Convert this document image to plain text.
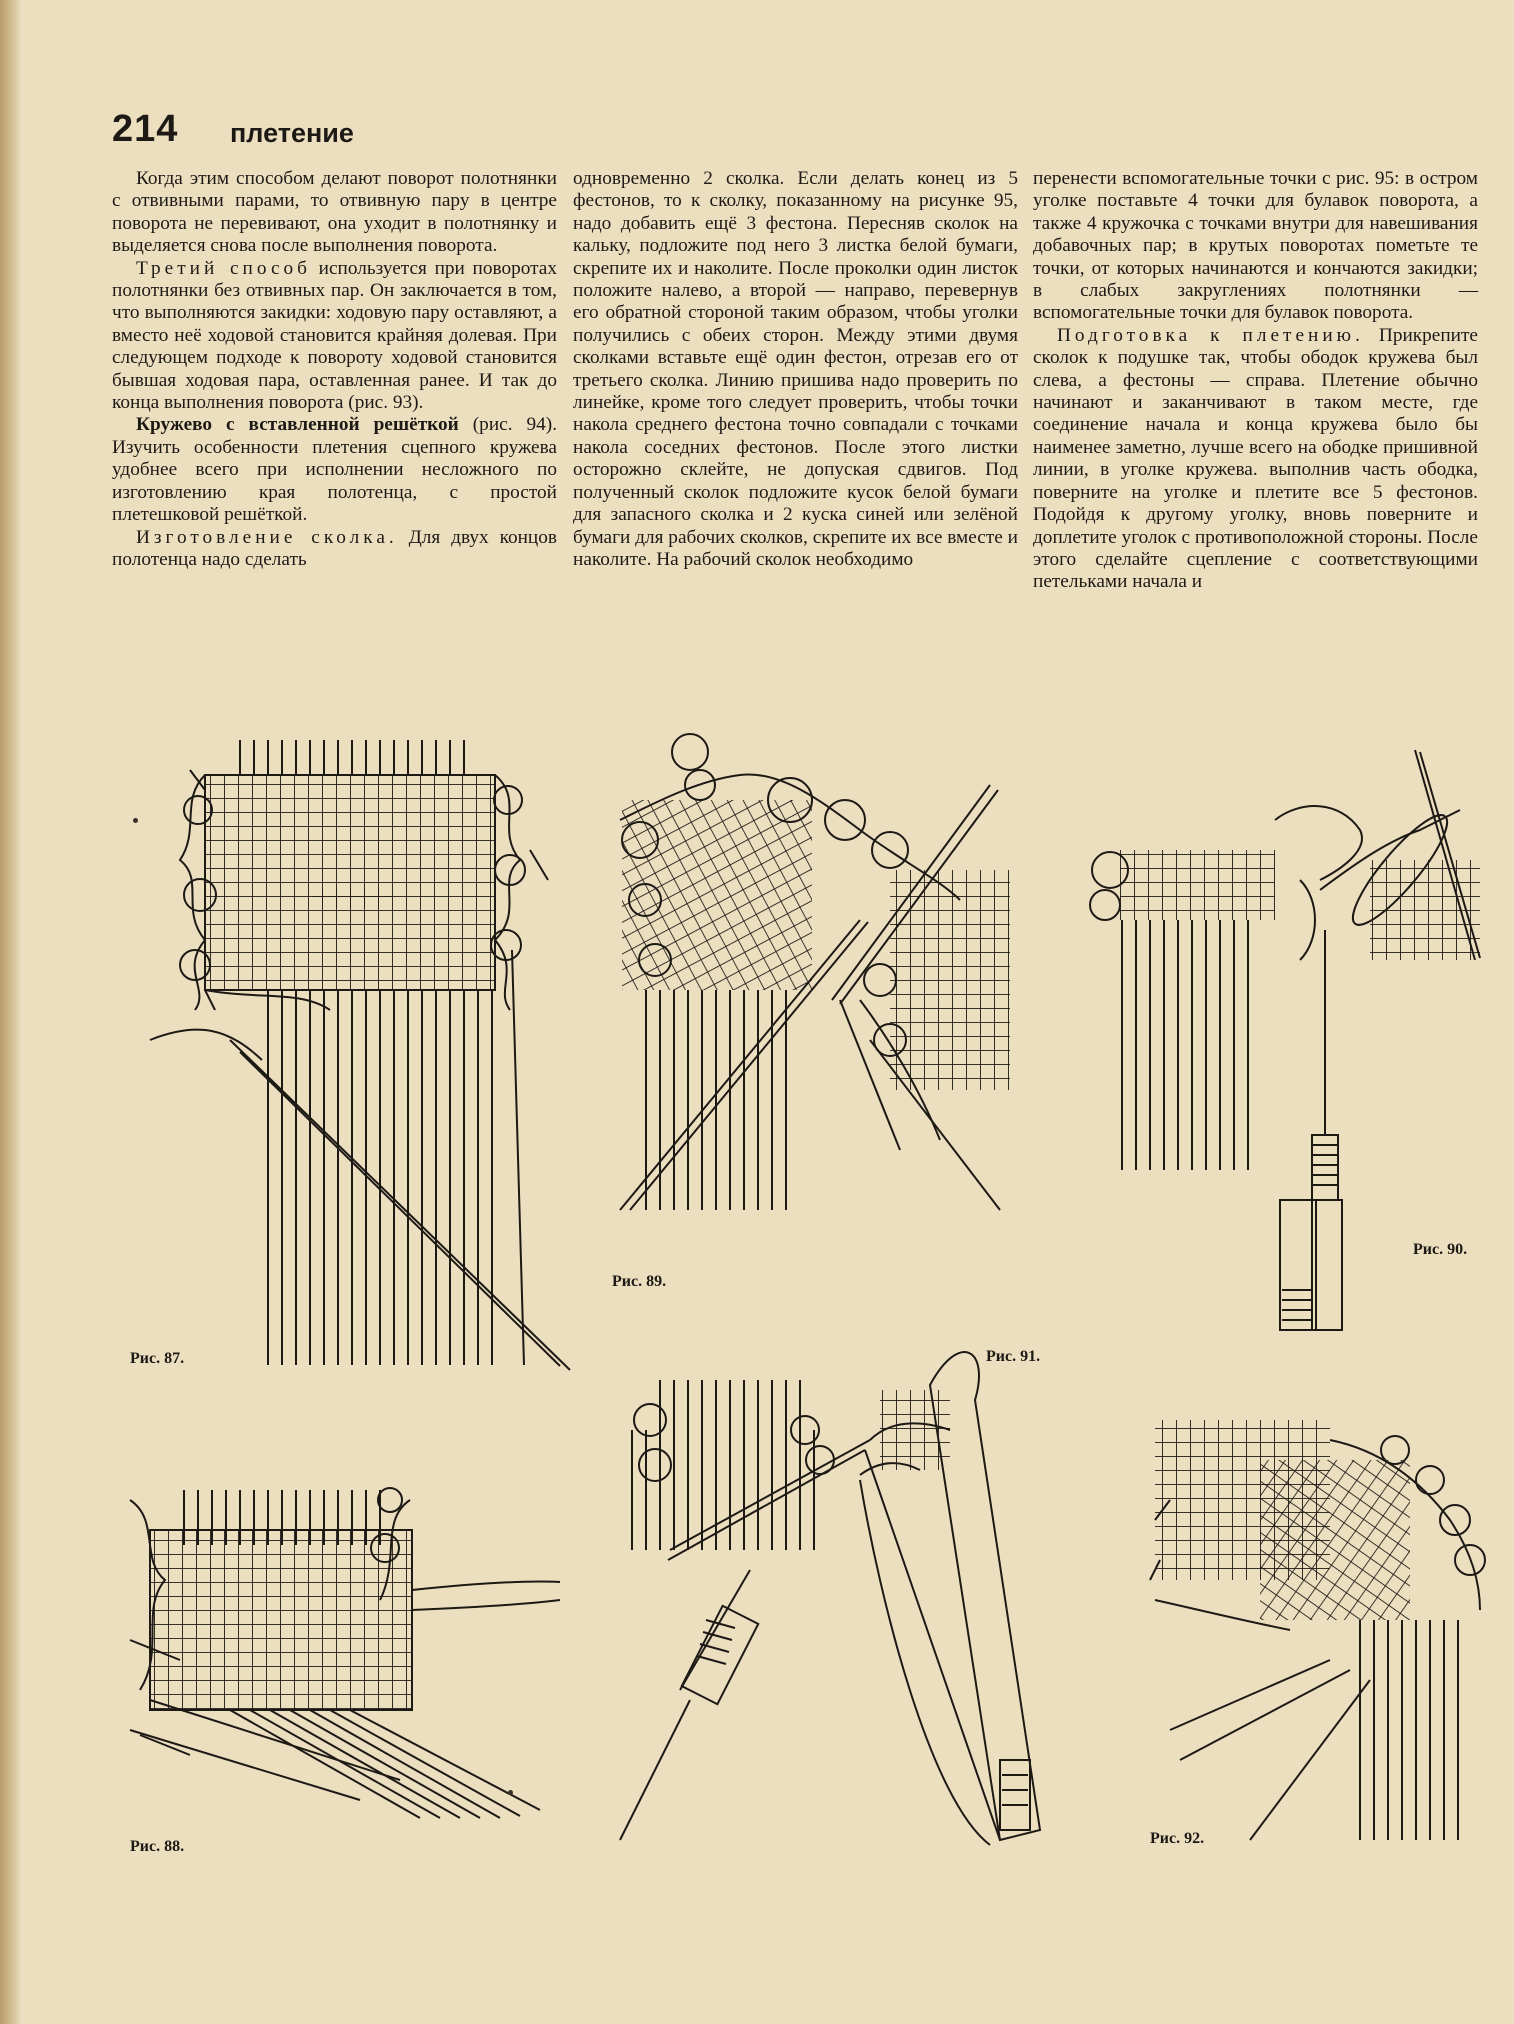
214 плетение

Когда этим способом делают поворот полотнянки с отвивными парами, то отвивную пару в центре поворота не перевивают, она уходит в полотнянку и выделяется снова после выполнения поворота.

Третий способ используется при поворотах полотнянки без отвивных пар. Он заключается в том, что выполняются закидки: ходовую пару оставляют, а вместо неё ходовой становится крайняя долевая. При следующем подходе к повороту ходовой становится бывшая ходовая пара, оставленная ранее. И так до конца выполнения поворота (рис. 93).

Кружево с вставленной решёткой (рис. 94). Изучить особенности плетения сцепного кружева удобнее всего при исполнении несложного по изготовлению края полотенца, с простой плетешковой решёткой.

Изготовление сколка. Для двух концов полотенца надо сделать

одновременно 2 сколка. Если делать конец из 5 фестонов, то к сколку, показанному на рисунке 95, надо добавить ещё 3 фестона. Пересняв сколок на кальку, подложите под него 3 листка белой бумаги, скрепите их и наколите. После проколки один листок положите налево, а второй — направо, перевернув его обратной стороной таким образом, чтобы уголки получились с обеих сторон. Между этими двумя сколками вставьте ещё один фестон, отрезав его от третьего сколка. Линию пришива надо проверить по линейке, кроме того следует проверить, чтобы точки накола среднего фестона точно совпадали с точками накола соседних фестонов. После этого листки осторожно склейте, не допуская сдвигов. Под полученный сколок подложите кусок белой бумаги для запасного сколка и 2 куска синей или зелёной бумаги для рабочих сколков, скрепите их все вместе и наколите. На рабочий сколок необходимо

перенести вспомогательные точки с рис. 95: в остром уголке поставьте 4 точки для булавок поворота, а также 4 кружочка с точками внутри для навешивания добавочных пар; в крутых поворотах пометьте те точки, от которых начинаются и кончаются закидки; в слабых закруглениях полотнянки — вспомогательные точки для булавок поворота.

Подготовка к плетению. Прикрепите сколок к подушке так, чтобы ободок кружева был слева, а фестоны — справа. Плетение обычно начинают и заканчивают в таком месте, где соединение начала и конца кружева было бы наименее заметно, лучше всего на ободке пришивной линии, в уголке кружева. выполнив часть ободка, поверните на уголке и плетите все 5 фестонов. Подойдя к другому уголку, вновь поверните и доплетите уголок с противоположной стороны. После этого сделайте сцепление с соответствующими петельками начала и

Рис. 87.
Рис. 88.
Рис. 89.
Рис. 90.
Рис. 91.
Рис. 92.
